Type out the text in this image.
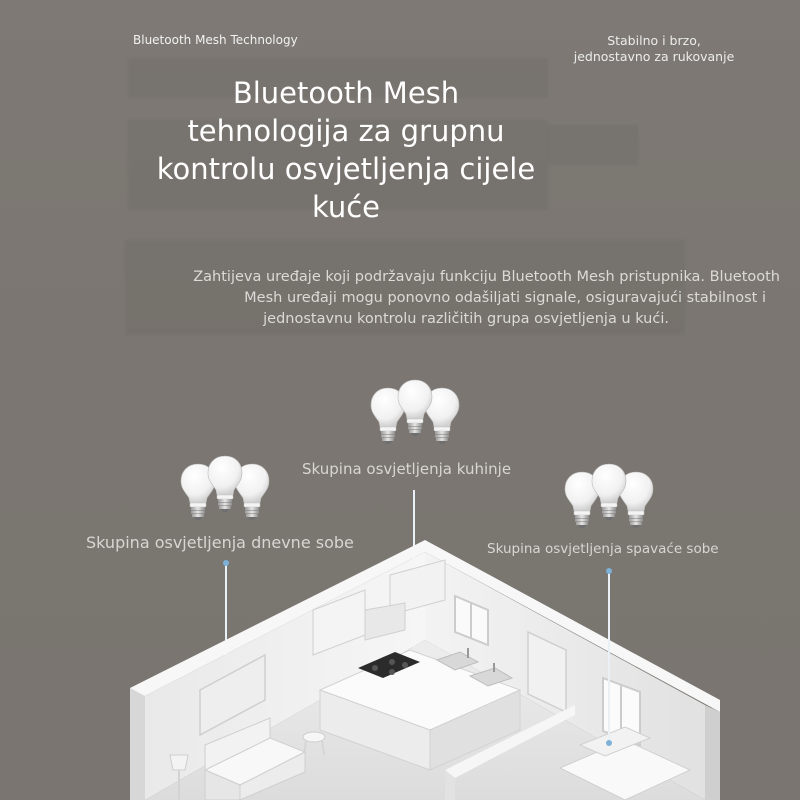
Bluetooth Mesh Technology	Stabilno i brzo,
jednostavno za rukovanje
Bluetooth Mesh
tehnologija za grupnu
kontrolu osvjetljenja cijele
kuće
Zahtijeva uređaje koji podržavaju funkciju Bluetooth Mesh pristupnika. Bluetooth
Mesh uređaji mogu ponovno odašiljati signale, osiguravajući stabilnost i
jednostavnu kontrolu različitih grupa osvjetljenja u kući.
Skupina osvjetljenja kuhinje
Skupina osvjetljenja dnevne sobe	Skupina osvjetljenja spavaće sobe
